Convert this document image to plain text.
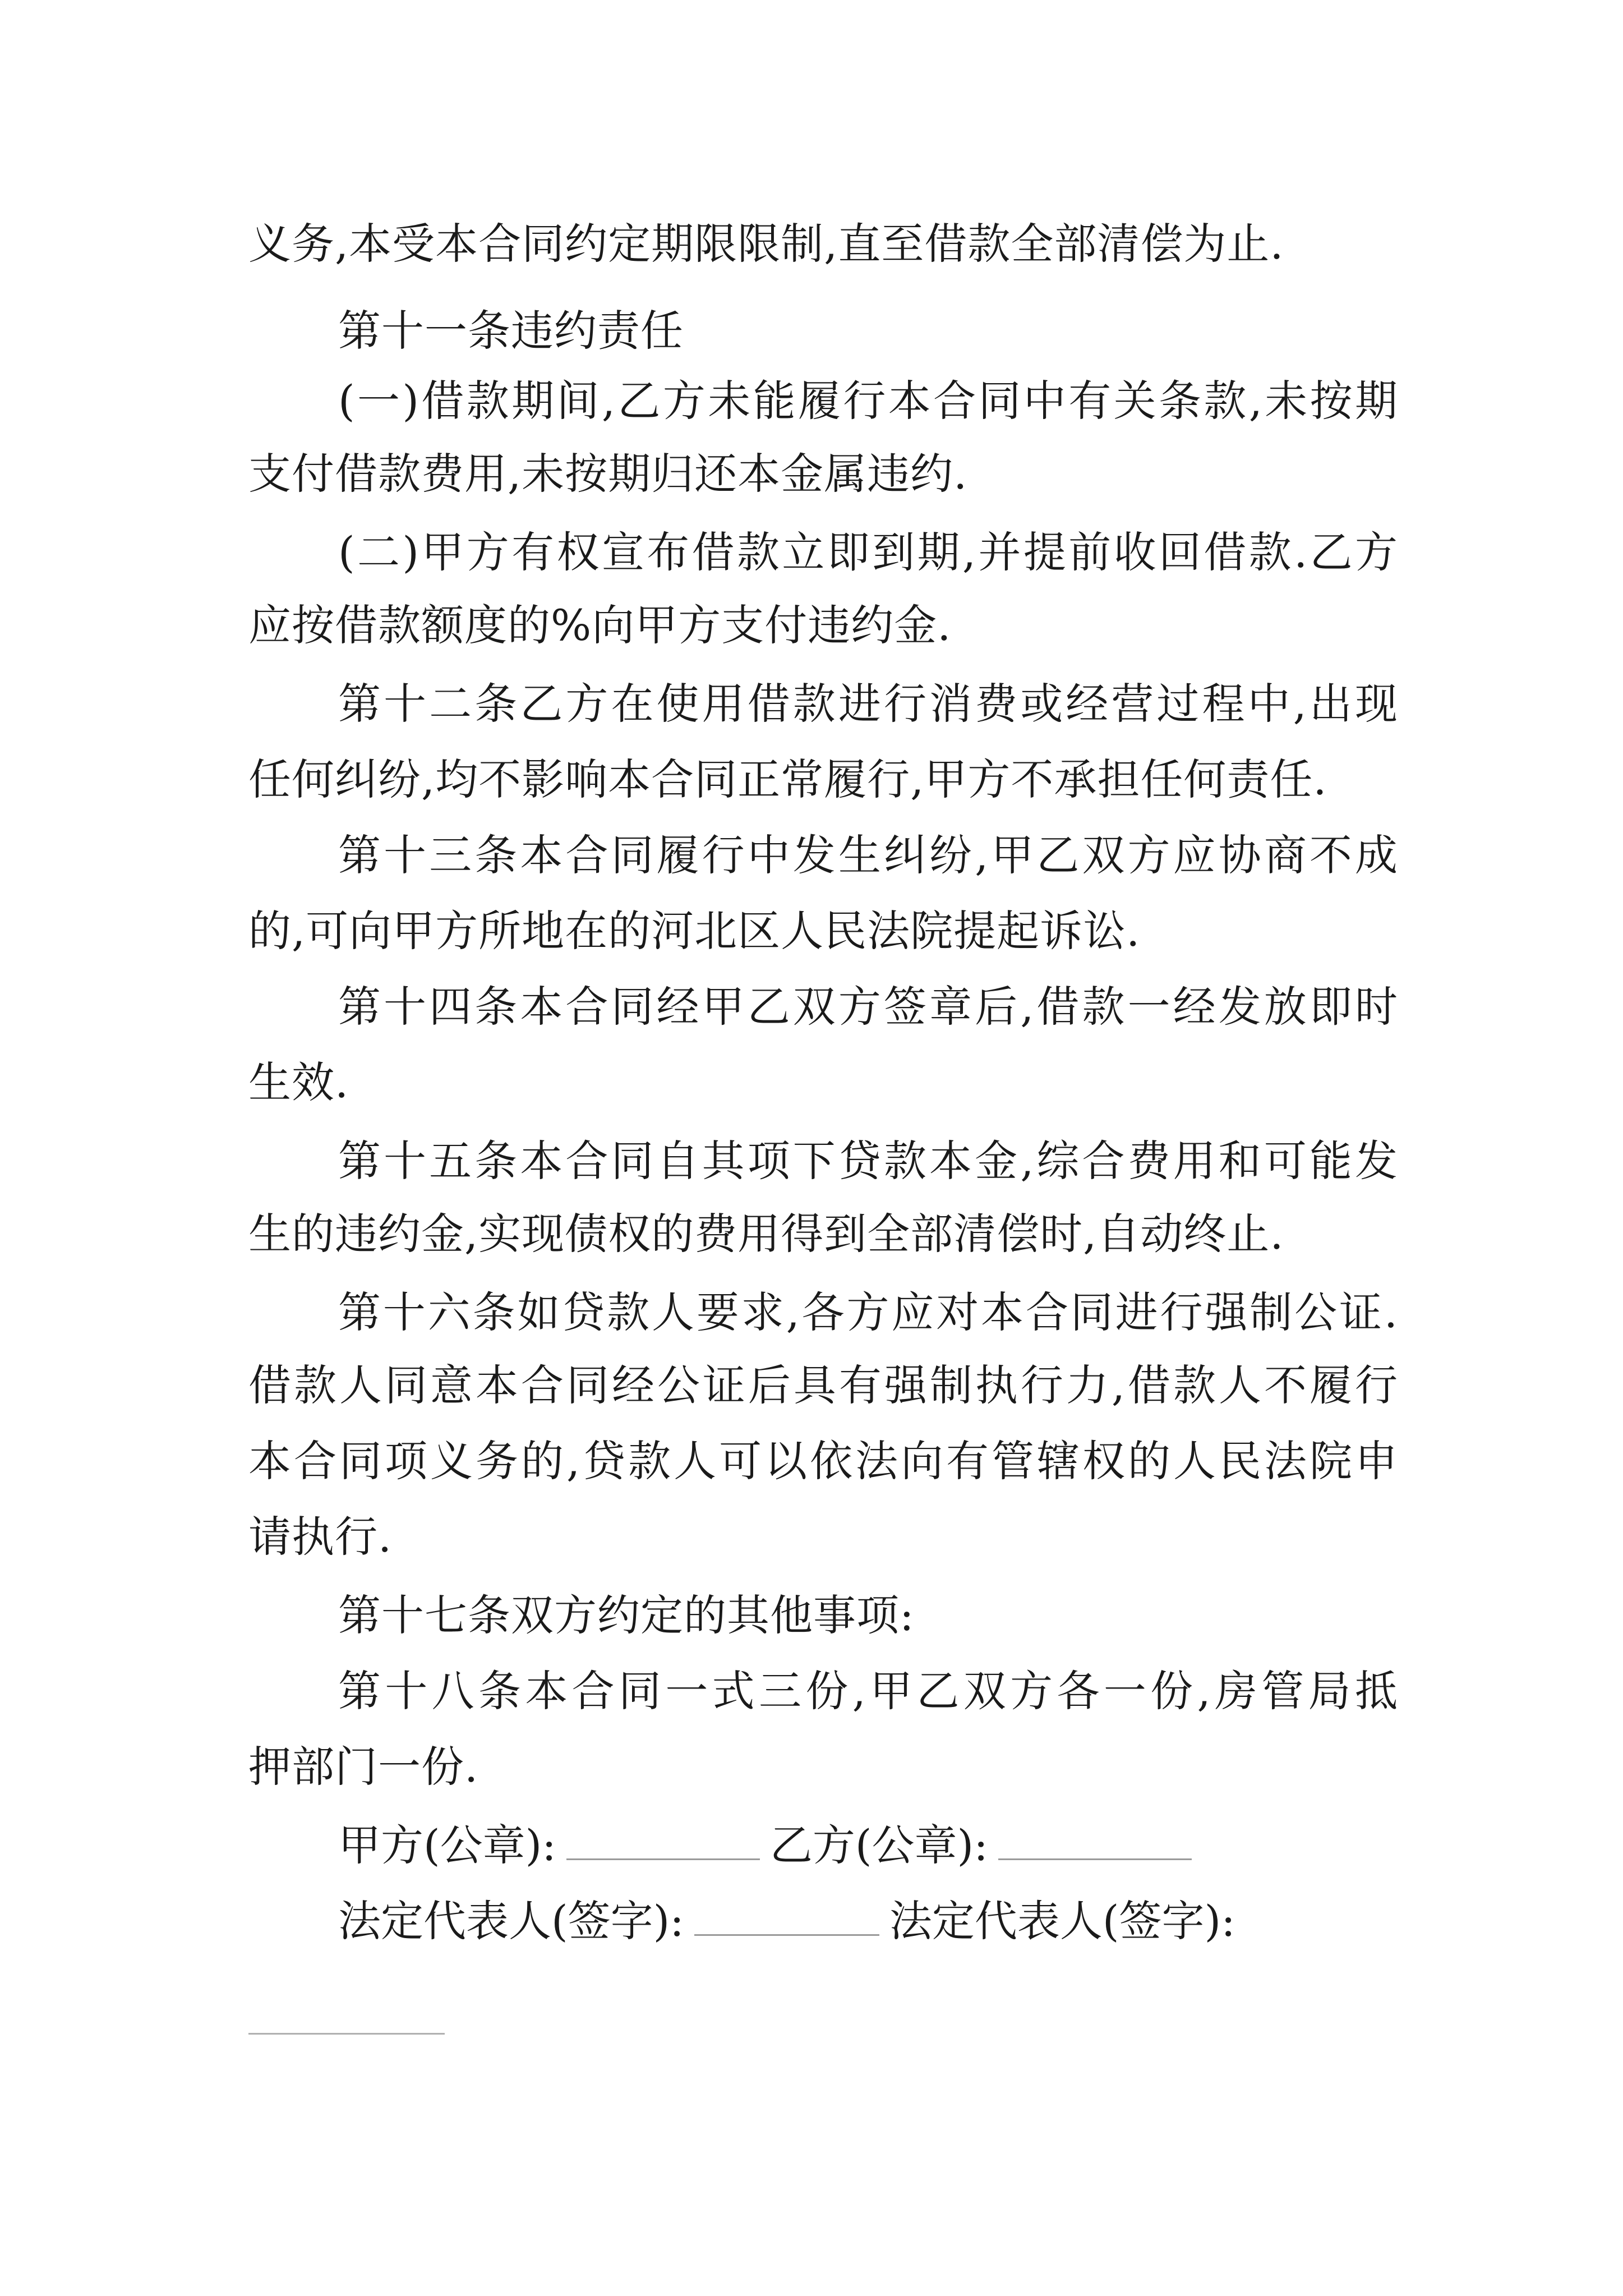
义务,本受本合同约定期限限制,直至借款全部清偿为止.
第十一条违约责任
(一)借款期间,乙方未能履行本合同中有关条款,未按期
支付借款费用,未按期归还本金属违约.
(二)甲方有权宣布借款立即到期,并提前收回借款.乙方
应按借款额度的%向甲方支付违约金.
第十二条乙方在使用借款进行消费或经营过程中,出现
任何纠纷,均不影响本合同正常履行,甲方不承担任何责任.
第十三条本合同履行中发生纠纷,甲乙双方应协商不成
的,可向甲方所地在的河北区人民法院提起诉讼.
第十四条本合同经甲乙双方签章后,借款一经发放即时
生效.
第十五条本合同自其项下贷款本金,综合费用和可能发
生的违约金,实现债权的费用得到全部清偿时,自动终止.
第十六条如贷款人要求,各方应对本合同进行强制公证.
借款人同意本合同经公证后具有强制执行力,借款人不履行
本合同项义务的,贷款人可以依法向有管辖权的人民法院申
请执行.
第十七条双方约定的其他事项:
第十八条本合同一式三份,甲乙双方各一份,房管局抵
押部门一份.
甲方(公章):	乙方(公章):
法定代表人(签字):	法定代表人(签字):
